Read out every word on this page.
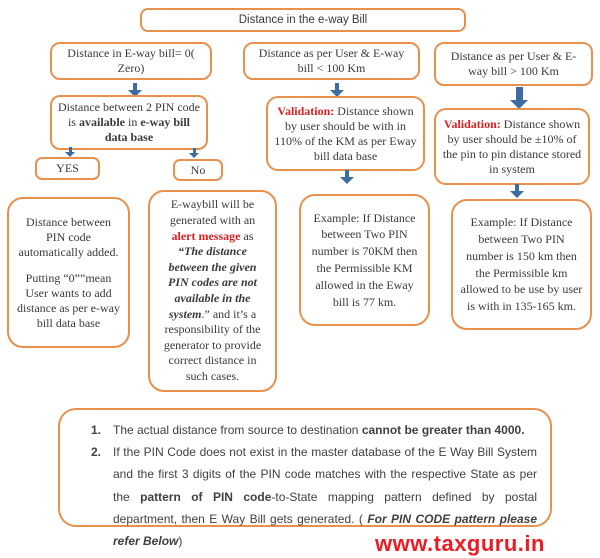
Distance in the e-way Bill
Distance in E-way bill= 0( Zero)
Distance between 2 PIN code is available in e-way bill data base
YES	No
Distance between PIN code automatically added.
Putting “0””mean User wants to add distance as per e-way bill data base
E-waybill will be generated with an alert message as “The distance between the given PIN codes are not available in the system.” and it’s a responsibility of the generator to provide correct distance in such cases.
Distance as per User & E-way bill < 100 Km
Validation: Distance shown by user should be with in 110% of the KM as per Eway bill data base
Example: If Distance between Two PIN number is 70KM then the Permissible KM allowed in the Eway bill is 77 km.
Distance as per User & E-way bill > 100 Km
Validation: Distance shown by user should be ±10% of the pin to pin distance stored in system
Example: If Distance between Two PIN number is 150 km then the Permissible km allowed to be use by user is with in 135-165 km.
1. The actual distance from source to destination cannot be greater than 4000.
2. If the PIN Code does not exist in the master database of the E Way Bill System and the first 3 digits of the PIN code matches with the respective State as per the pattern of PIN code-to-State mapping pattern defined by postal department, then E Way Bill gets generated. ( For PIN CODE pattern please refer Below)	www.taxguru.in
